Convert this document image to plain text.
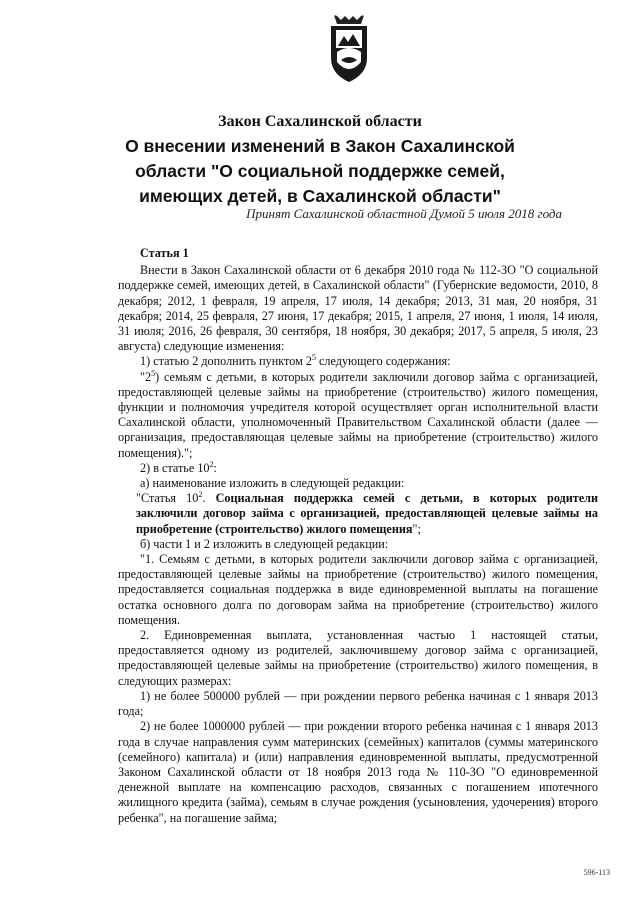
Закон Сахалинской области
О внесении изменений в Закон Сахалинской
области "О социальной поддержке семей,
имеющих детей, в Сахалинской области"
Принят Сахалинской областной Думой 5 июля 2018 года

Статья 1

Внести в Закон Сахалинской области от 6 декабря 2010 года № 112-ЗО "О социальной поддержке семей, имеющих детей, в Сахалинской области" (Губернские ведомости, 2010, 8 декабря; 2012, 1 февраля, 19 апреля, 17 июля, 14 декабря; 2013, 31 мая, 20 ноября, 31 декабря; 2014, 25 февраля, 27 июня, 17 декабря; 2015, 1 апреля, 27 июня, 1 июля, 14 июля, 31 июля; 2016, 26 февраля, 30 сентября, 18 ноября, 30 декабря; 2017, 5 апреля, 5 июля, 23 августа) следующие изменения:

1) статью 2 дополнить пунктом $2^5$ следующего содержания:

"$2^5$) семьям с детьми, в которых родители заключили договор займа с организацией, предоставляющей целевые займы на приобретение (строительство) жилого помещения, функции и полномочия учредителя которой осуществляет орган исполнительной власти Сахалинской области, уполномоченный Правительством Сахалинской области (далее — организация, предоставляющая целевые займы на приобретение (строительство) жилого помещения).";

2) в статье $10^2$:

а) наименование изложить в следующей редакции:

"Статья $10^2$. Социальная поддержка семей с детьми, в которых родители заключили договор займа с организацией, предоставляющей целевые займы на приобретение (строительство) жилого помещения";

б) части 1 и 2 изложить в следующей редакции:

"1. Семьям с детьми, в которых родители заключили договор займа с организацией, предоставляющей целевые займы на приобретение (строительство) жилого помещения, предоставляется социальная поддержка в виде единовременной выплаты на погашение остатка основного долга по договорам займа на приобретение (строительство) жилого помещения.

2. Единовременная выплата, установленная частью 1 настоящей статьи, предоставляется одному из родителей, заключившему договор займа с организацией, предоставляющей целевые займы на приобретение (строительство) жилого помещения, в следующих размерах:

1) не более 500000 рублей — при рождении первого ребенка начиная с 1 января 2013 года;

2) не более 1000000 рублей — при рождении второго ребенка начиная с 1 января 2013 года в случае направления сумм материнских (семейных) капиталов (суммы материнского (семейного) капитала) и (или) направления единовременной выплаты, предусмотренной Законом Сахалинской области от 18 ноября 2013 года № 110-ЗО "О единовременной денежной выплате на компенсацию расходов, связанных с погашением ипотечного жилищного кредита (займа), семьям в случае рождения (усыновления, удочерения) второго ребенка", на погашение займа;

596-113
